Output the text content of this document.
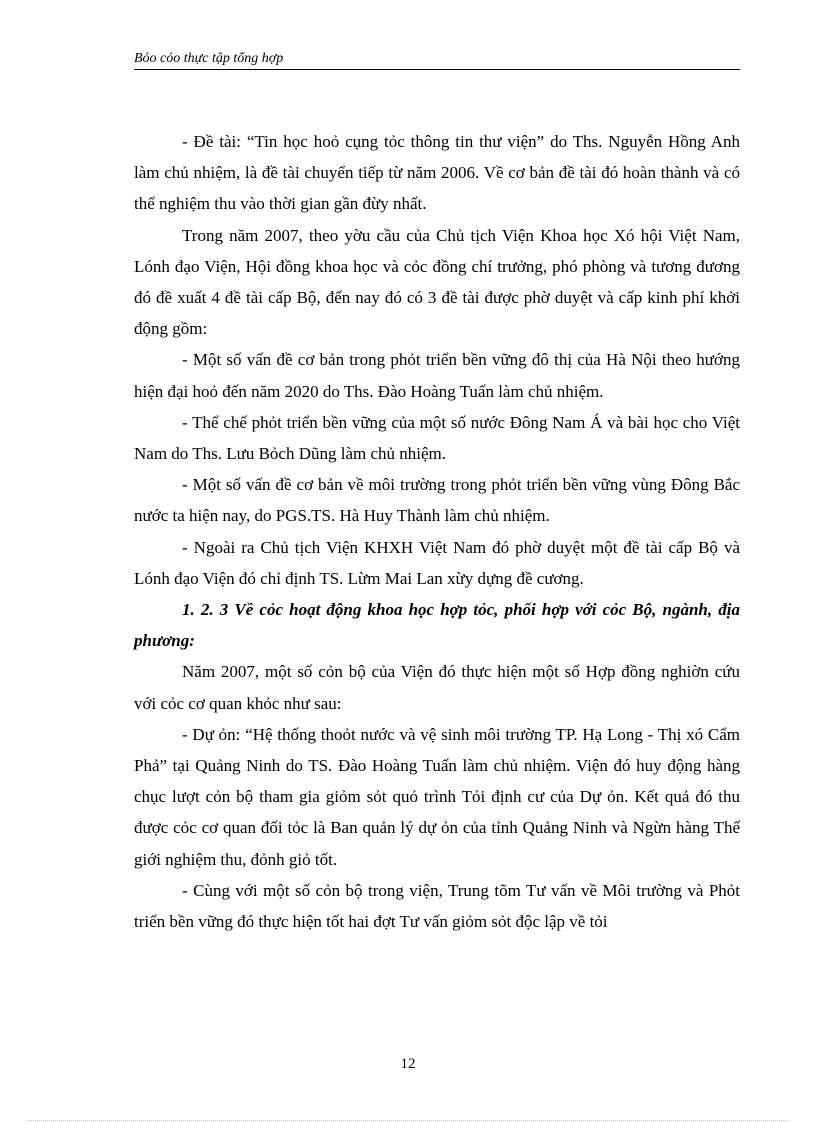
Bỏo cỏo thực tập tổng hợp

- Đề tài: “Tin học hoỏ cụng tỏc thông tin thư viện” do Ths. Nguyễn Hồng Anh làm chủ nhiệm, là đề tài chuyển tiếp từ năm 2006. Về cơ bản đề tài đó hoàn thành và có thể nghiệm thu vào thời gian gần đừy nhất.

Trong năm 2007, theo yờu cầu của Chủ tịch Viện Khoa học Xó hội Việt Nam, Lónh đạo Viện, Hội đồng khoa học và cỏc đồng chí trưởng, phó phòng và tương đương đó đề xuất 4 đề tài cấp Bộ, đến nay đó có 3 đề tài được phờ duyệt và cấp kinh phí khởi động gồm:

- Một số vấn đề cơ bản trong phỏt triển bền vững đô thị của Hà Nội theo hướng hiện đại hoỏ đến năm 2020 do Ths. Đào Hoàng Tuấn làm chủ nhiệm.

- Thể chế phỏt triển bền vững của một số nước Đông Nam Á và bài học cho Việt Nam do Ths. Lưu Bỏch Dũng làm chủ nhiệm.

- Một số vấn đề cơ bản về môi trường trong phỏt triển bền vững vùng Đông Bắc nước ta hiện nay, do PGS.TS. Hà Huy Thành làm chủ nhiệm.

- Ngoài ra Chủ tịch Viện KHXH Việt Nam đó phờ duyệt một đề tài cấp Bộ và Lónh đạo Viện đó chỉ định TS. Lừm Mai Lan xừy dựng đề cương.

1. 2. 3 Về cỏc hoạt động khoa học hợp tỏc, phối hợp với cỏc Bộ, ngành, địa phương:

Năm 2007, một số cỏn bộ của Viện đó thực hiện một số Hợp đồng nghiờn cứu với cỏc cơ quan khỏc như sau:

- Dự ỏn: “Hệ thống thoỏt nước và vệ sinh môi trường TP. Hạ Long - Thị xó Cẩm Phả” tại Quảng Ninh do TS. Đào Hoàng Tuấn làm chủ nhiệm. Viện đó huy động hàng chục lượt cỏn bộ tham gia giỏm sỏt quỏ trình Tỏi định cư của Dự ỏn. Kết quả đó thu được cỏc cơ quan đối tỏc là Ban quản lý dự ỏn của tỉnh Quảng Ninh và Ngừn hàng Thế giới nghiệm thu, đỏnh giỏ tốt.

- Cùng với một số cỏn bộ trong viện, Trung tõm Tư vấn về Môi trường và Phỏt triển bền vững đó thực hiện tốt hai đợt Tư vấn giỏm sỏt độc lập về tỏi

12
